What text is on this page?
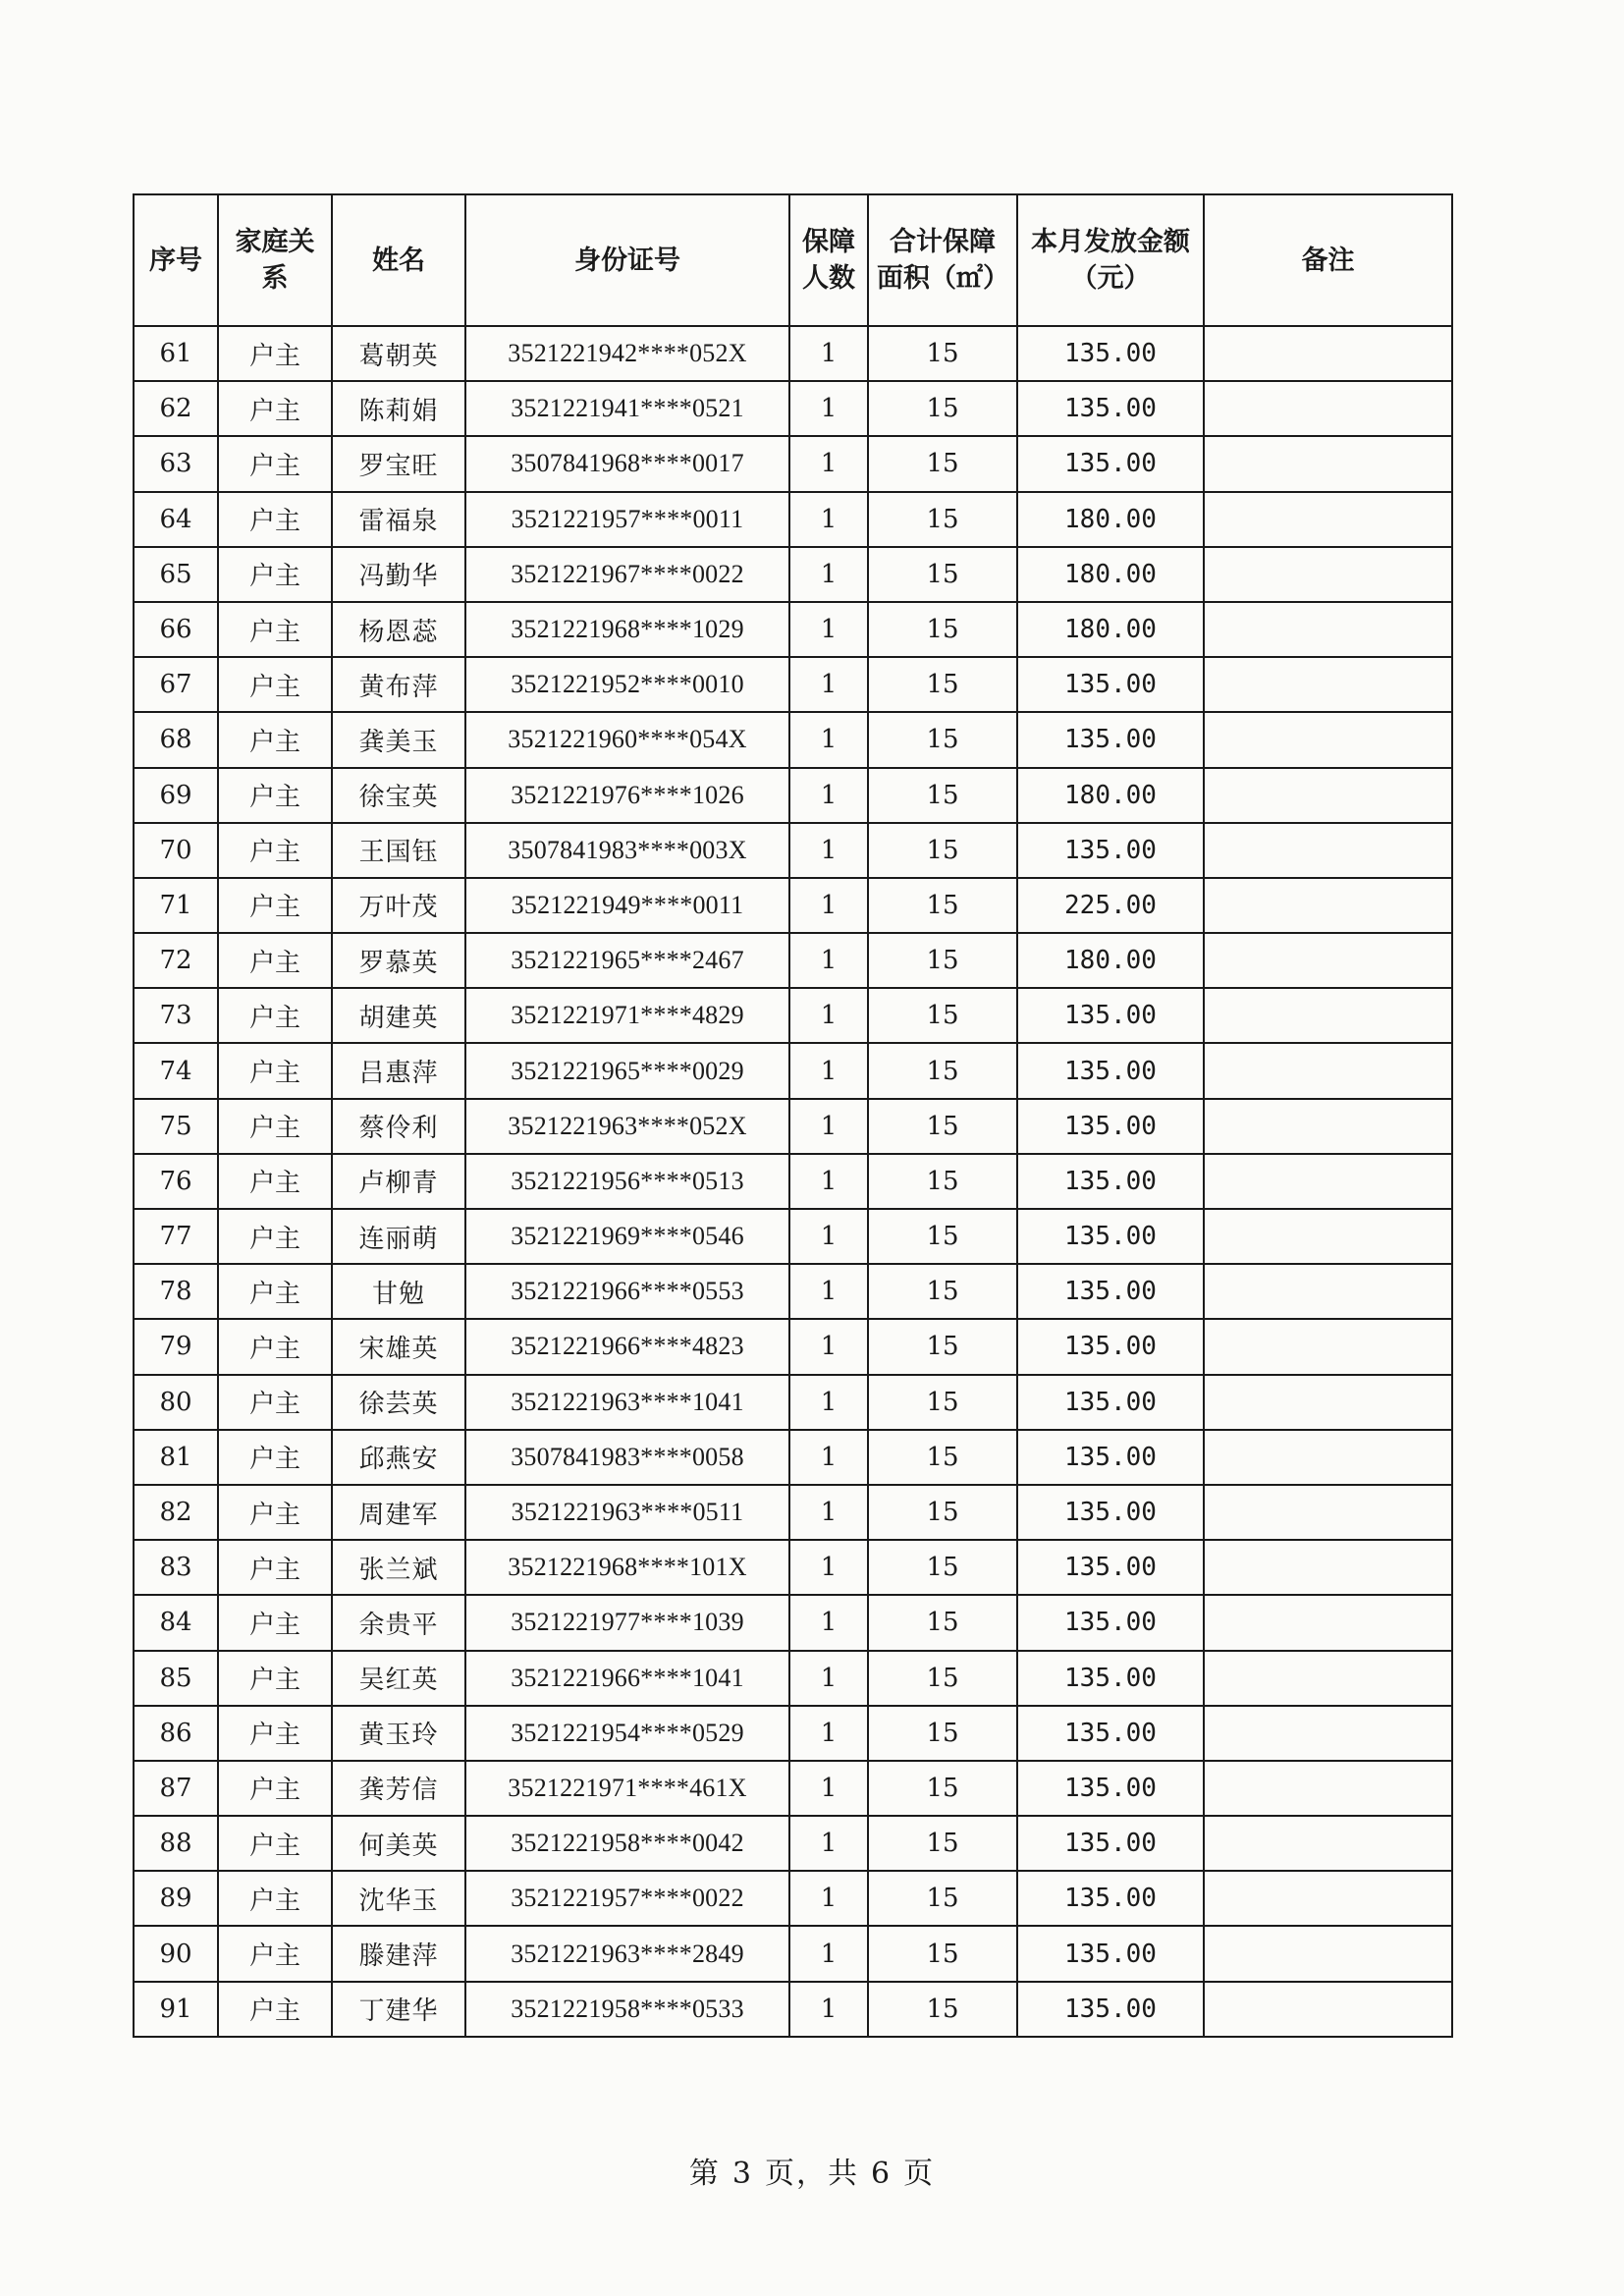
序号	家庭关系	姓名	身份证号	保障人数	合计保障面积（㎡）	本月发放金额（元）	备注
61	户主	葛朝英	3521221942****052X	1	15	135.00	
62	户主	陈莉娟	3521221941****0521	1	15	135.00	
63	户主	罗宝旺	3507841968****0017	1	15	135.00	
64	户主	雷福泉	3521221957****0011	1	15	180.00	
65	户主	冯勤华	3521221967****0022	1	15	180.00	
66	户主	杨恩蕊	3521221968****1029	1	15	180.00	
67	户主	黄布萍	3521221952****0010	1	15	135.00	
68	户主	龚美玉	3521221960****054X	1	15	135.00	
69	户主	徐宝英	3521221976****1026	1	15	180.00	
70	户主	王国钰	3507841983****003X	1	15	135.00	
71	户主	万叶茂	3521221949****0011	1	15	225.00	
72	户主	罗慕英	3521221965****2467	1	15	180.00	
73	户主	胡建英	3521221971****4829	1	15	135.00	
74	户主	吕惠萍	3521221965****0029	1	15	135.00	
75	户主	蔡伶利	3521221963****052X	1	15	135.00	
76	户主	卢柳青	3521221956****0513	1	15	135.00	
77	户主	连丽萌	3521221969****0546	1	15	135.00	
78	户主	甘勉	3521221966****0553	1	15	135.00	
79	户主	宋雄英	3521221966****4823	1	15	135.00	
80	户主	徐芸英	3521221963****1041	1	15	135.00	
81	户主	邱燕安	3507841983****0058	1	15	135.00	
82	户主	周建军	3521221963****0511	1	15	135.00	
83	户主	张兰斌	3521221968****101X	1	15	135.00	
84	户主	余贵平	3521221977****1039	1	15	135.00	
85	户主	吴红英	3521221966****1041	1	15	135.00	
86	户主	黄玉玲	3521221954****0529	1	15	135.00	
87	户主	龚芳信	3521221971****461X	1	15	135.00	
88	户主	何美英	3521221958****0042	1	15	135.00	
89	户主	沈华玉	3521221957****0022	1	15	135.00	
90	户主	滕建萍	3521221963****2849	1	15	135.00	
91	户主	丁建华	3521221958****0533	1	15	135.00	
第 3 页，共 6 页
